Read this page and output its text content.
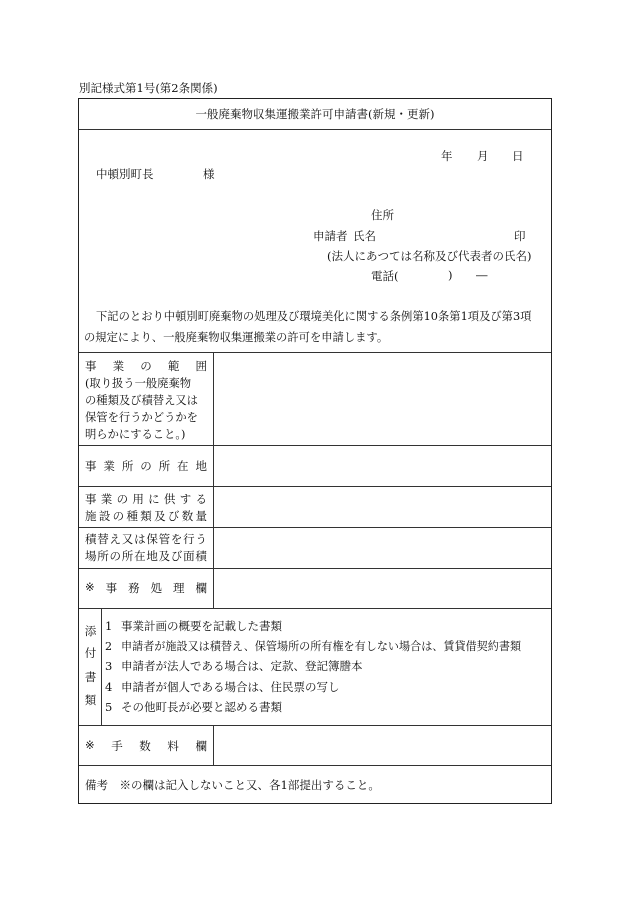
別記様式第1号(第2条関係)
一般廃棄物収集運搬業許可申請書(新規・更新)
年 月 日
中頓別町長	様
住所
申請者 氏名	印
(法人にあつては名称及び代表者の氏名)
電話(	) ―
下記のとおり中頓別町廃棄物の処理及び環境美化に関する条例第10条第1項及び第3項
の規定により、一般廃棄物収集運搬業の許可を申請します。
事 業 の 範 囲
(取り扱う一般廃棄物
の種類及び積替え又は
保管を行うかどうかを
明らかにすること。)
事 業 所 の 所 在 地
事 業 の 用 に 供 す る
施 設 の 種 類 及 び 数 量
積 替 え 又 は 保 管 を 行 う
場 所 の 所 在 地 及 び 面 積
※ 事 務 処 理 欄
添
付
書
類
1 事業計画の概要を記載した書類
2 申請者が施設又は積替え、保管場所の所有権を有しない場合は、賃貸借契約書類
3 申請者が法人である場合は、定款、登記簿謄本
4 申請者が個人である場合は、住民票の写し
5 その他町長が必要と認める書類
※ 手 数 料 欄
備考　※の欄は記入しないこと又、各1部提出すること。
